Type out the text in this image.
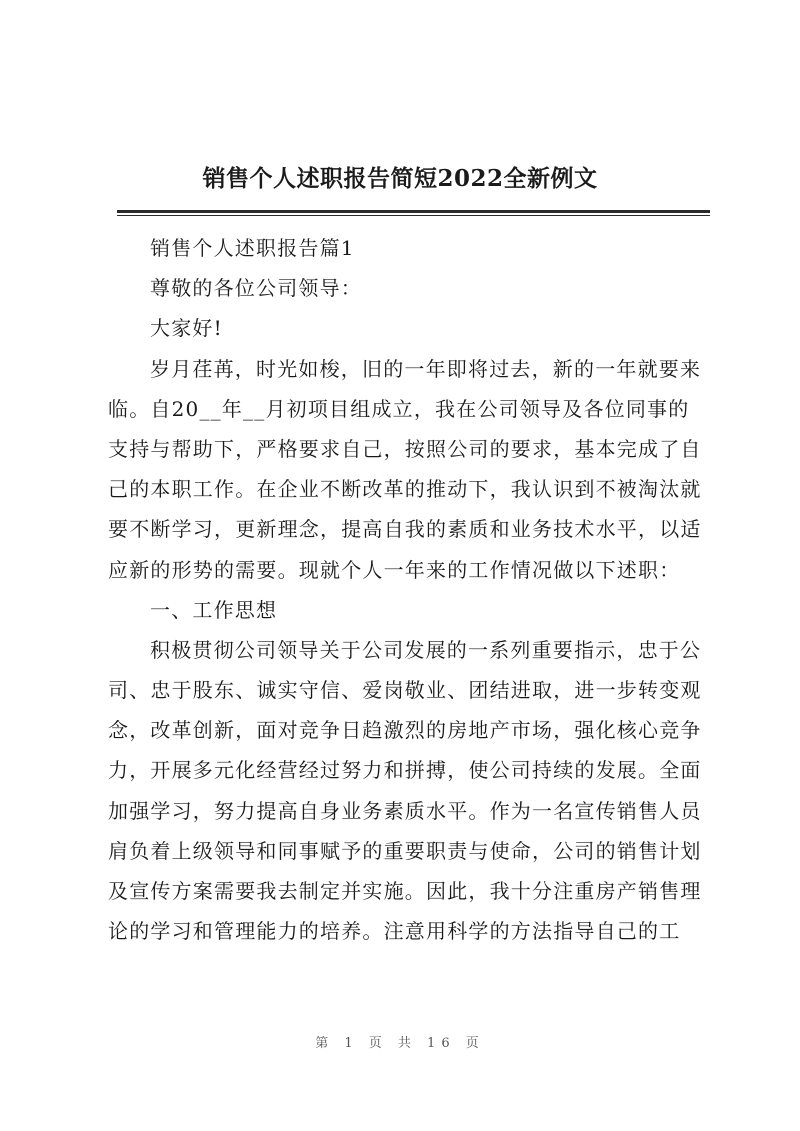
销售个人述职报告简短2022全新例文
销售个人述职报告篇1
尊敬的各位公司领导：
大家好!
岁月荏苒，时光如梭，旧的一年即将过去，新的一年就要来
临。自20__年__月初项目组成立，我在公司领导及各位同事的
支持与帮助下，严格要求自己，按照公司的要求，基本完成了自
己的本职工作。在企业不断改革的推动下，我认识到不被淘汰就
要不断学习，更新理念，提高自我的素质和业务技术水平，以适
应新的形势的需要。现就个人一年来的工作情况做以下述职：
一、工作思想
积极贯彻公司领导关于公司发展的一系列重要指示，忠于公
司、忠于股东、诚实守信、爱岗敬业、团结进取，进一步转变观
念，改革创新，面对竞争日趋激烈的房地产市场，强化核心竞争
力，开展多元化经营经过努力和拼搏，使公司持续的发展。全面
加强学习，努力提高自身业务素质水平。作为一名宣传销售人员
肩负着上级领导和同事赋予的重要职责与使命，公司的销售计划
及宣传方案需要我去制定并实施。因此，我十分注重房产销售理
论的学习和管理能力的培养。注意用科学的方法指导自己的工
第 1 页 共 16 页
